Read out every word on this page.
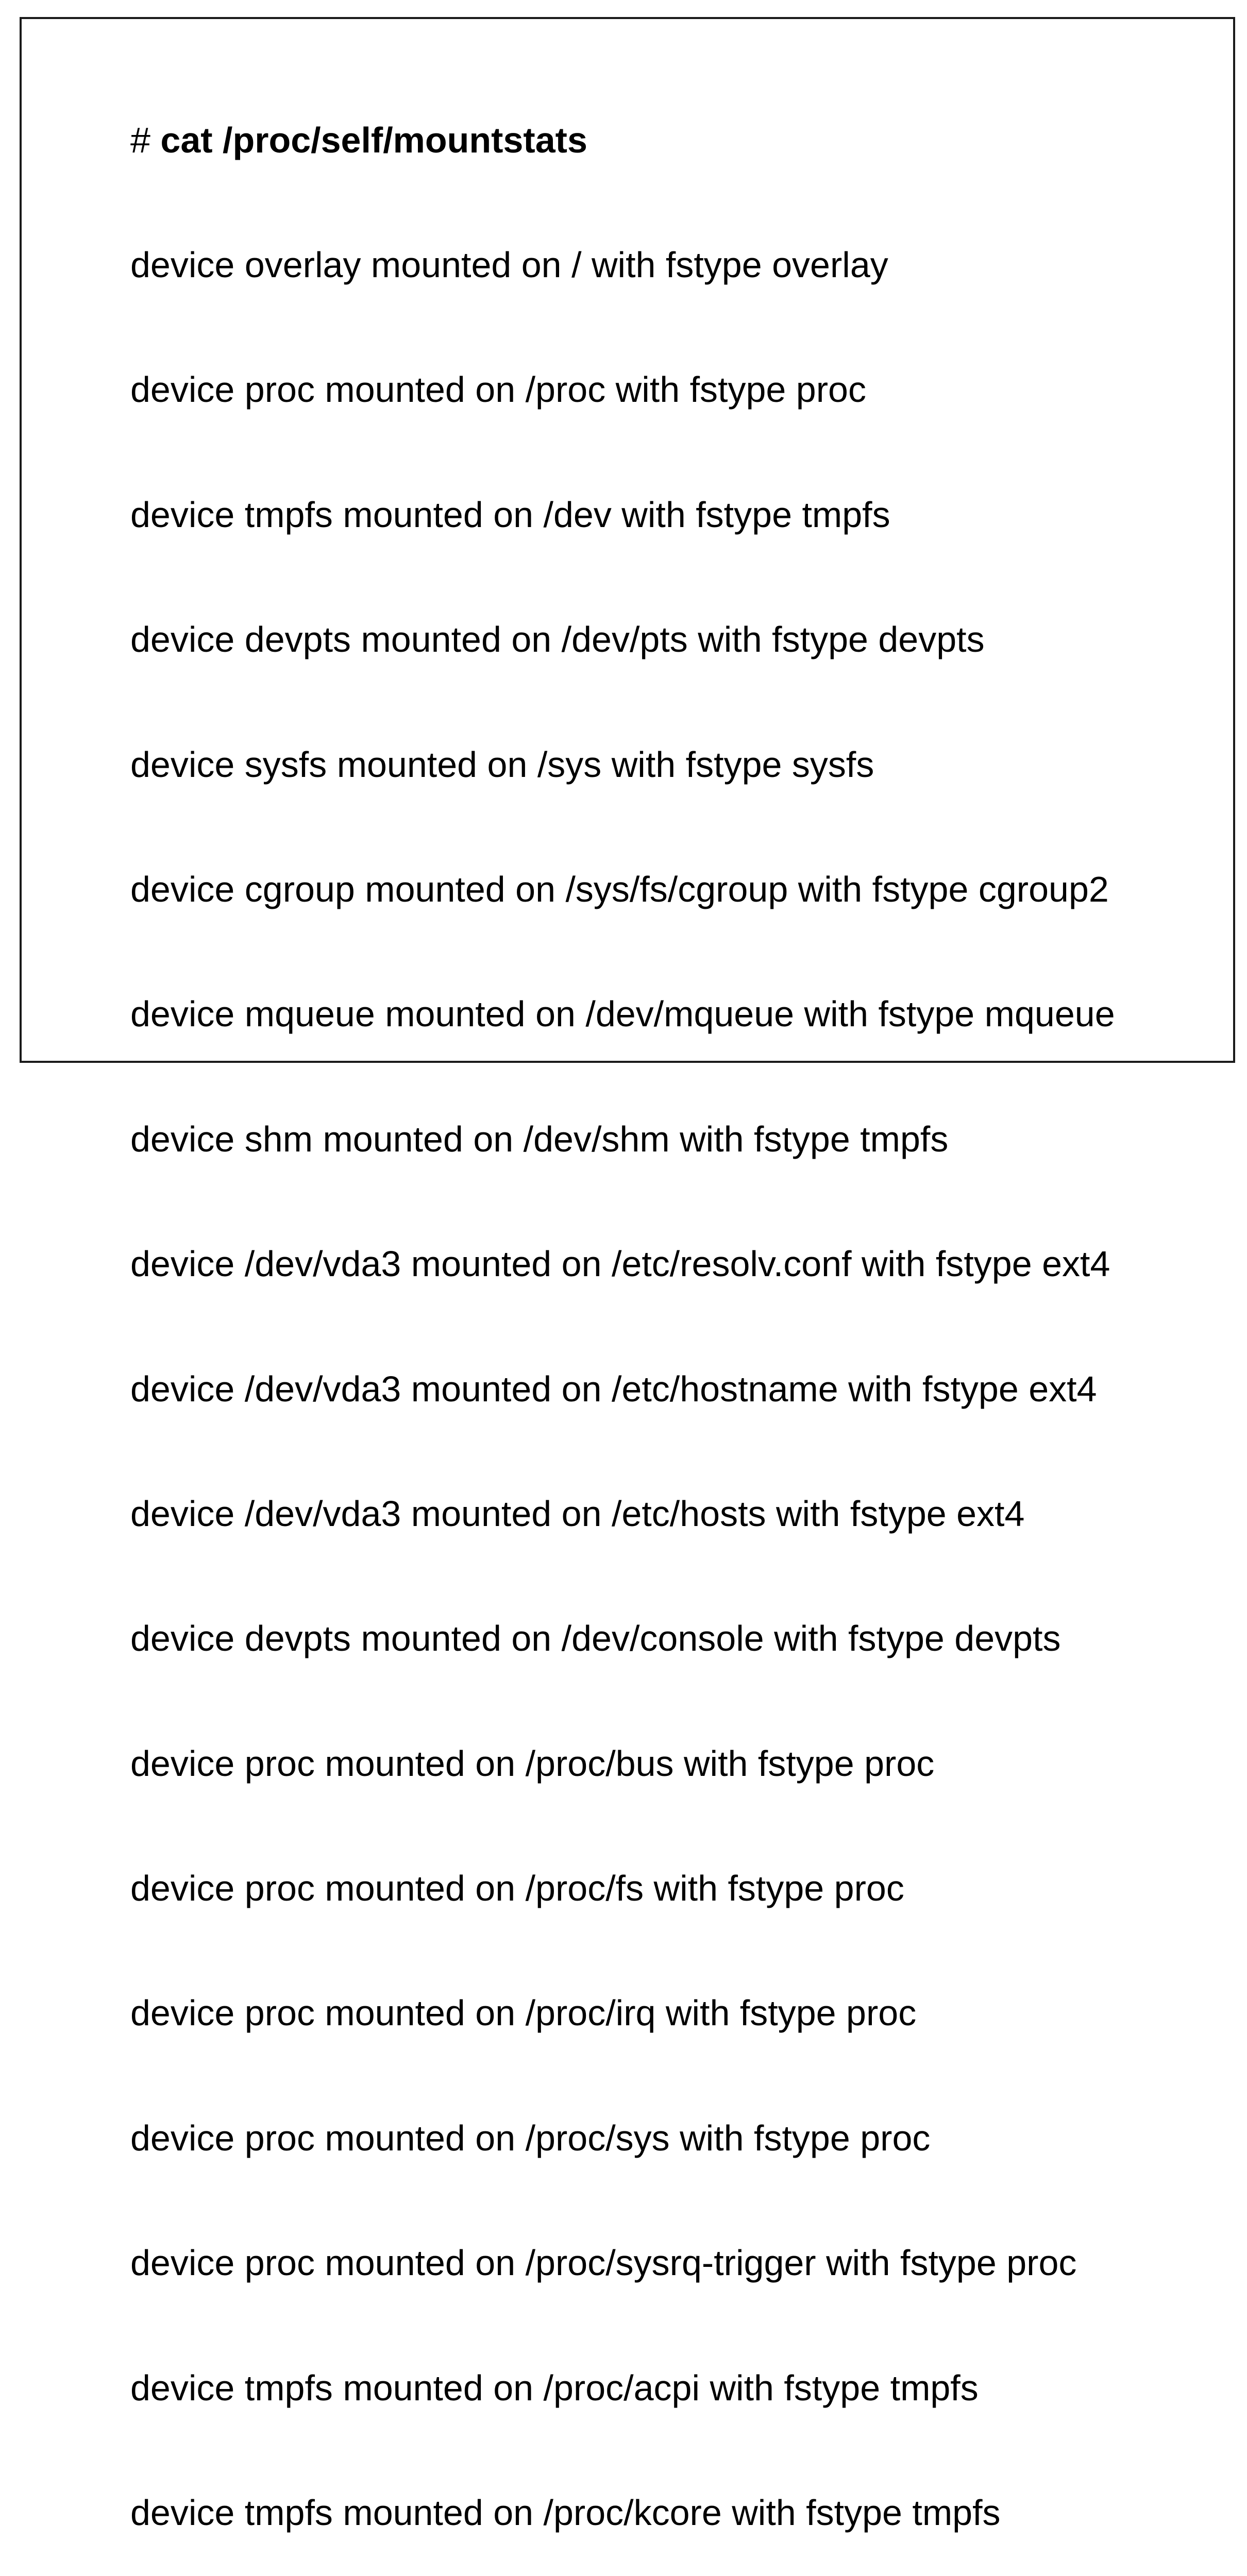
# cat /proc/self/mountstats

device overlay mounted on / with fstype overlay

device proc mounted on /proc with fstype proc

device tmpfs mounted on /dev with fstype tmpfs

device devpts mounted on /dev/pts with fstype devpts

device sysfs mounted on /sys with fstype sysfs

device cgroup mounted on /sys/fs/cgroup with fstype cgroup2

device mqueue mounted on /dev/mqueue with fstype mqueue

device shm mounted on /dev/shm with fstype tmpfs

device /dev/vda3 mounted on /etc/resolv.conf with fstype ext4

device /dev/vda3 mounted on /etc/hostname with fstype ext4

device /dev/vda3 mounted on /etc/hosts with fstype ext4

device devpts mounted on /dev/console with fstype devpts

device proc mounted on /proc/bus with fstype proc

device proc mounted on /proc/fs with fstype proc

device proc mounted on /proc/irq with fstype proc

device proc mounted on /proc/sys with fstype proc

device proc mounted on /proc/sysrq-trigger with fstype proc

device tmpfs mounted on /proc/acpi with fstype tmpfs

device tmpfs mounted on /proc/kcore with fstype tmpfs
